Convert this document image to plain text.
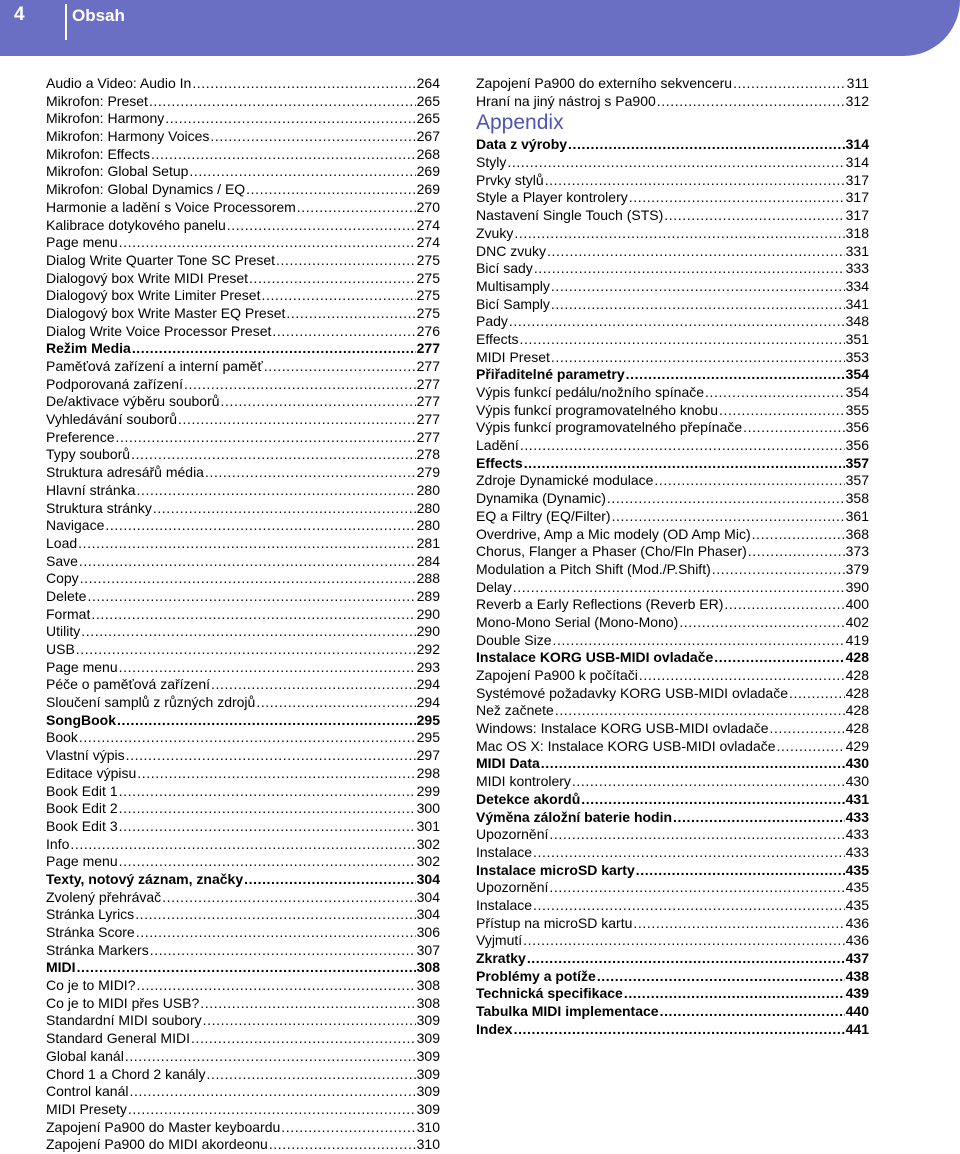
4	Obsah
Audio a Video: Audio In .....	264
Mikrofon: Preset .....	265
Mikrofon: Harmony .....	265
Mikrofon: Harmony Voices .....	267
Mikrofon: Effects .....	268
Mikrofon: Global Setup .....	269
Mikrofon: Global Dynamics / EQ .....	269
Harmonie a ladění s Voice Processorem .....	270
Kalibrace dotykového panelu .....	274
Page menu .....	274
Dialog Write Quarter Tone SC Preset .....	275
Dialogový box Write MIDI Preset .....	275
Dialogový box Write Limiter Preset .....	275
Dialogový box Write Master EQ Preset .....	275
Dialog Write Voice Processor Preset .....	276
Režim Media .....	277
Paměťová zařízení a interní paměť .....	277
Podporovaná zařízení .....	277
De/aktivace výběru souborů .....	277
Vyhledávání souborů .....	277
Preference .....	277
Typy souborů .....	278
Struktura adresářů média .....	279
Hlavní stránka .....	280
Struktura stránky .....	280
Navigace .....	280
Load .....	281
Save .....	284
Copy .....	288
Delete .....	289
Format .....	290
Utility .....	290
USB .....	292
Page menu .....	293
Péče o paměťová zařízení .....	294
Sloučení samplů z různých zdrojů .....	294
SongBook .....	295
Book .....	295
Vlastní výpis .....	297
Editace výpisu .....	298
Book Edit 1 .....	299
Book Edit 2 .....	300
Book Edit 3 .....	301
Info .....	302
Page menu .....	302
Texty, notový záznam, značky .....	304
Zvolený přehrávač .....	304
Stránka Lyrics .....	304
Stránka Score .....	306
Stránka Markers .....	307
MIDI .....	308
Co je to MIDI? .....	308
Co je to MIDI přes USB? .....	308
Standardní MIDI soubory .....	309
Standard General MIDI .....	309
Global kanál .....	309
Chord 1 a Chord 2 kanály .....	309
Control kanál .....	309
MIDI Presety .....	309
Zapojení Pa900 do Master keyboardu .....	310
Zapojení Pa900 do MIDI akordeonu .....	310
Zapojení Pa900 do externího sekvenceru .....	311
Hraní na jiný nástroj s Pa900 .....	312
Appendix
Data z výroby .....	314
Styly .....	314
Prvky stylů .....	317
Style a Player kontrolery .....	317
Nastavení Single Touch (STS) .....	317
Zvuky .....	318
DNC zvuky .....	331
Bicí sady .....	333
Multisamply .....	334
Bicí Samply .....	341
Pady .....	348
Effects .....	351
MIDI Preset .....	353
Přiřaditelné parametry .....	354
Výpis funkcí pedálu/nožního spínače .....	354
Výpis funkcí programovatelného knobu .....	355
Výpis funkcí programovatelného přepínače .....	356
Ladění .....	356
Effects .....	357
Zdroje Dynamické modulace .....	357
Dynamika (Dynamic) .....	358
EQ a Filtry (EQ/Filter) .....	361
Overdrive, Amp a Mic modely (OD Amp Mic) .....	368
Chorus, Flanger a Phaser (Cho/Fln Phaser) .....	373
Modulation a Pitch Shift (Mod./P.Shift) .....	379
Delay .....	390
Reverb a Early Reflections (Reverb ER) .....	400
Mono-Mono Serial (Mono-Mono) .....	402
Double Size .....	419
Instalace KORG USB-MIDI ovladače .....	428
Zapojení Pa900 k počítači .....	428
Systémové požadavky KORG USB-MIDI ovladače .....	428
Než začnete .....	428
Windows: Instalace KORG USB-MIDI ovladače .....	428
Mac OS X: Instalace KORG USB-MIDI ovladače .....	429
MIDI Data .....	430
MIDI kontrolery .....	430
Detekce akordů .....	431
Výměna záložní baterie hodin .....	433
Upozornění .....	433
Instalace .....	433
Instalace microSD karty .....	435
Upozornění .....	435
Instalace .....	435
Přístup na microSD kartu .....	436
Vyjmutí .....	436
Zkratky .....	437
Problémy a potíže .....	438
Technická specifikace .....	439
Tabulka MIDI implementace .....	440
Index .....	441
